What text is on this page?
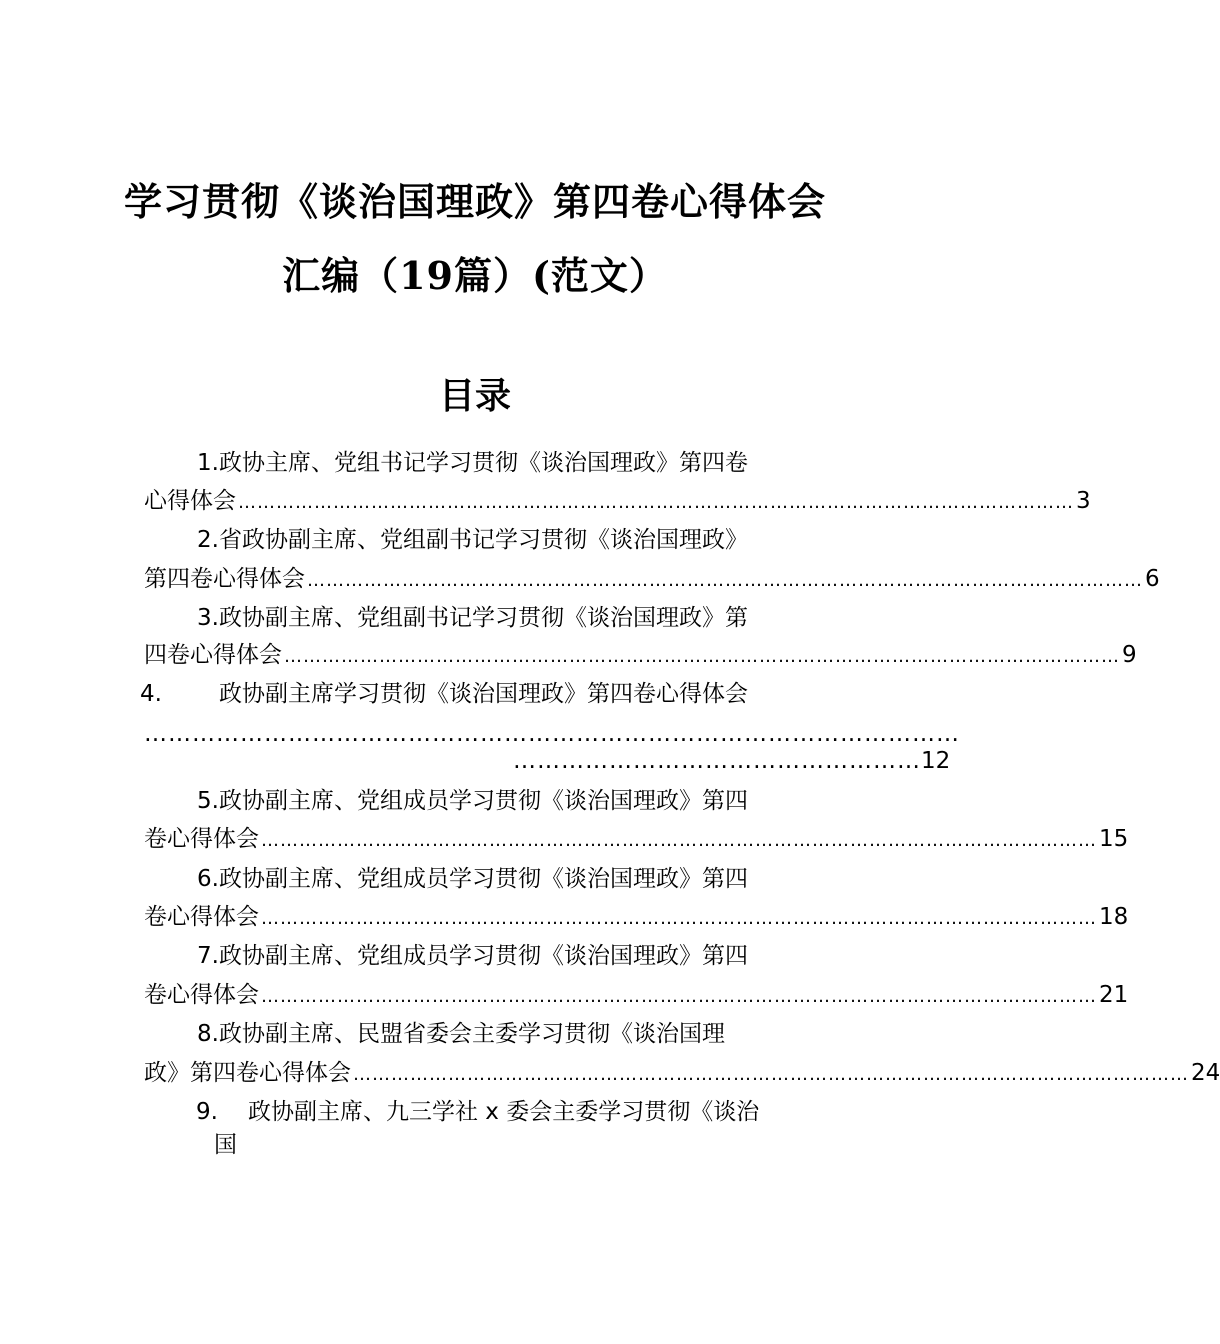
学习贯彻《谈治国理政》第四卷心得体会
汇编（19篇）(范文）
目录
1.政协主席、党组书记学习贯彻《谈治国理政》第四卷
心得体会 …………………………………………………………………………………………………………………… 3
2.省政协副主席、党组副书记学习贯彻《谈治国理政》
第四卷心得体会 …………………………………………………………………………………………………………………… 6
3.政协副主席、党组副书记学习贯彻《谈治国理政》第
四卷心得体会 …………………………………………………………………………………………………………………… 9
4. 政协副主席学习贯彻《谈治国理政》第四卷心得体会
…………………………………………………………………………………………
…………………………………………… 12
5.政协副主席、党组成员学习贯彻《谈治国理政》第四
卷心得体会 …………………………………………………………………………………………………………………… 15
6.政协副主席、党组成员学习贯彻《谈治国理政》第四
卷心得体会 …………………………………………………………………………………………………………………… 18
7.政协副主席、党组成员学习贯彻《谈治国理政》第四
卷心得体会 …………………………………………………………………………………………………………………… 21
8.政协副主席、民盟省委会主委学习贯彻《谈治国理
政》第四卷心得体会 …………………………………………………………………………………………………………………… 24
9. 政协副主席、九三学社 x 委会主委学习贯彻《谈治
国
